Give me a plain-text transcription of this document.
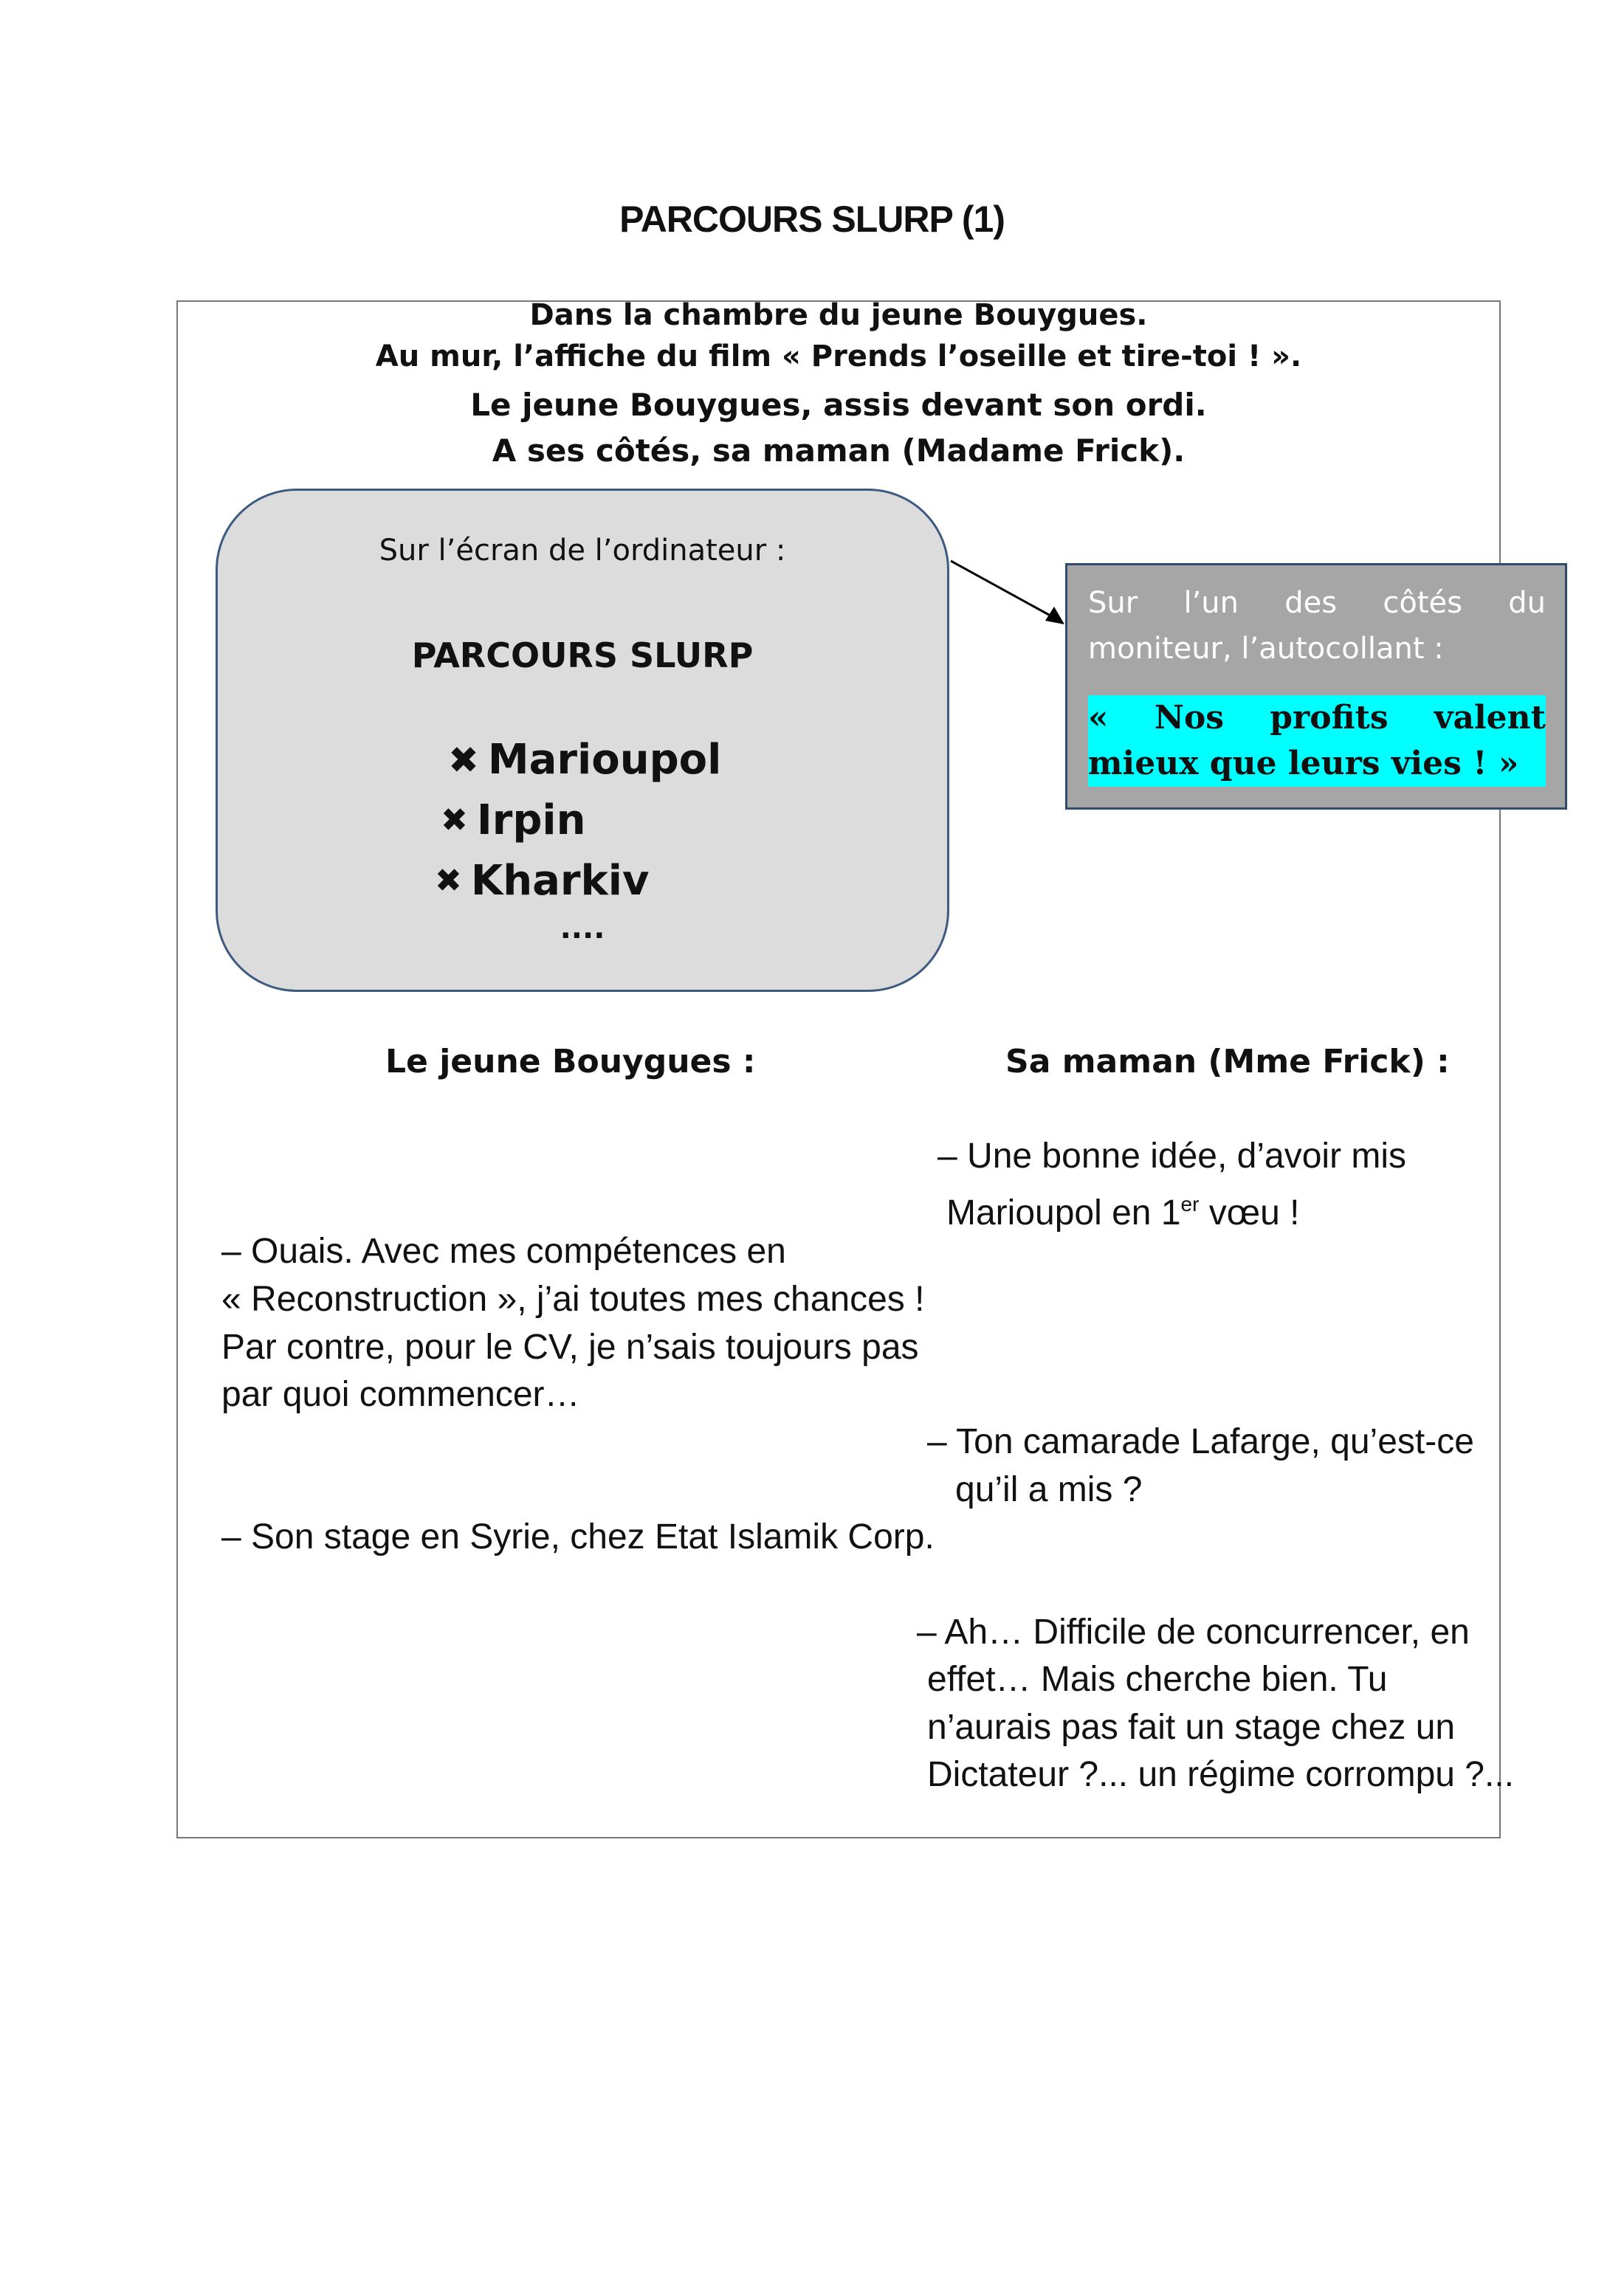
PARCOURS SLURP (1)
Dans la chambre du jeune Bouygues.
Au mur, l’affiche du film « Prends l’oseille et tire-toi ! ».
Le jeune Bouygues, assis devant son ordi.
A ses côtés, sa maman (Madame Frick).
Sur l’écran de l’ordinateur :
PARCOURS SLURP
✖ Marioupol
✖ Irpin
✖ Kharkiv
....
Sur l’un des côtés du moniteur, l’autocollant :
« Nos profits valent mieux que leurs vies ! »
Le jeune Bouygues :	Sa maman (Mme Frick) :
– Une bonne idée, d’avoir mis
Marioupol en 1er vœu !
– Ouais. Avec mes compétences en
« Reconstruction », j’ai toutes mes chances !
Par contre, pour le CV, je n’sais toujours pas
par quoi commencer…
– Ton camarade Lafarge, qu’est-ce
qu’il a mis ?
– Son stage en Syrie, chez Etat Islamik Corp.
– Ah… Difficile de concurrencer, en
effet… Mais cherche bien. Tu
n’aurais pas fait un stage chez un
Dictateur ?... un régime corrompu ?...
